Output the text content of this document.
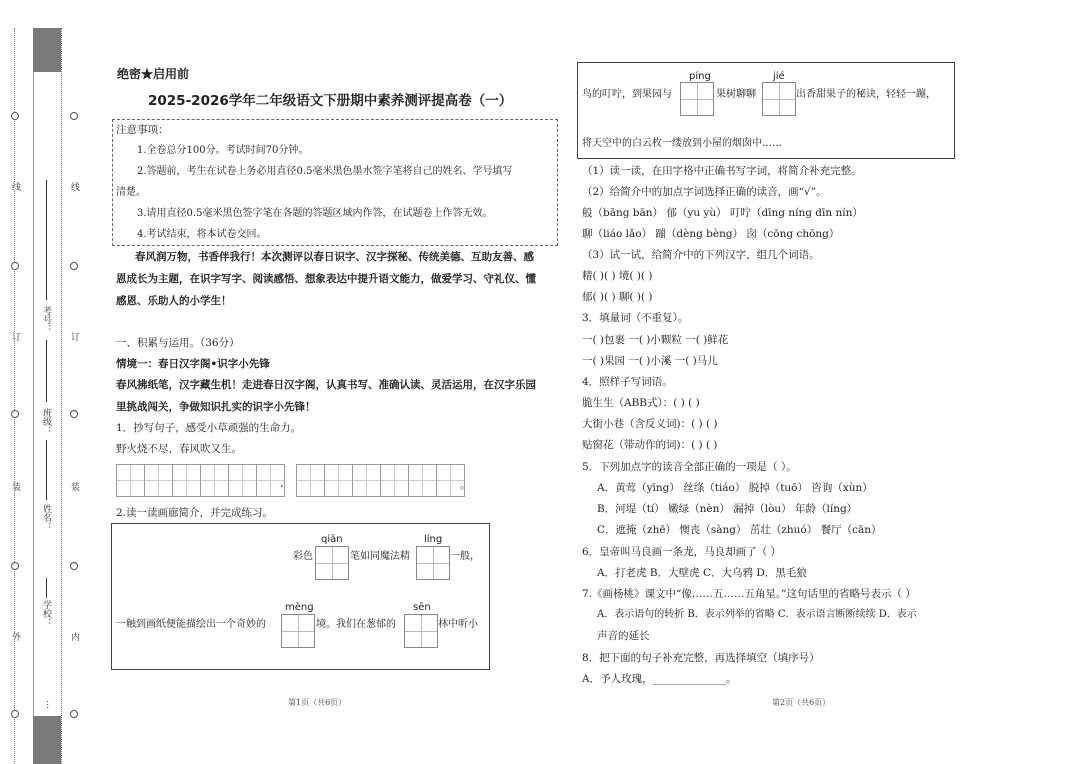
外
装
订
线
内
装
订
线
学校：
姓名：
班级：
考号：
…
绝密★启用前
2025-2026学年二年级语文下册期中素养测评提高卷（一）
注意事项：
1.全卷总分100分。考试时间70分钟。
2.答题前，考生在试卷上务必用直径0.5毫米黑色墨水签字笔将自己的姓名、学号填写
清楚。
3.请用直径0.5毫米黑色签字笔在各题的答题区域内作答，在试题卷上作答无效。
4.考试结束，将本试卷交回。
春风润万物，书香伴我行！本次测评以春日识字、汉字探秘、传统美德、互助友善、感
恩成长为主题，在识字写字、阅读感悟、想象表达中提升语文能力，做爱学习、守礼仪、懂
感恩、乐助人的小学生！
一、积累与运用。（36分）
情境一：春日汉字阁•识字小先锋
春风拂纸笔，汉字藏生机！走进春日汉字阁，认真书写、准确认读、灵活运用，在汉字乐园
里挑战闯关，争做知识扎实的识字小先锋！
1．抄写句子，感受小草顽强的生命力。
野火烧不尽，春风吹又生。
，	。
2.读一读画廊简介，并完成练习。
彩色
qiān
笔如同魔法精
líng
一般，
一触到画纸便能描绘出一个奇妙的
mèng
境。我们在葱郁的
sēn
林中听小
第1页（共6页）
鸟的叮咛，到果园与
píng
果树聊聊
jié
出香甜果子的秘诀，轻轻一蹦，
将天空中的白云枚一缕放到小屋的烟囱中……
（1）读一读，在田字格中正确书写字词，将简介补充完整。
（2）给简介中的加点字词选择正确的读音，画“√”。
般（bāng bān） 郁（yu yù） 叮咛（dīng níng dīn nín）
聊（liáo lǎo） 蹦（dèng bèng） 囱（cōng chōng）
（3）试一试，给简介中的下列汉字，组几个词语。
精( )( ) 境( )( )
郁( )( ) 聊( )( )
3．填量词（不重复）。
一( )包裹 一( )小颗粒 一( )鲜花
一( )果园 一( )小溪 一( )马儿
4．照样子写词语。
脆生生（ABB式）：( ) ( )
大街小巷（含反义词)：( ) ( )
贴窗花（带动作的词)：( ) ( )
5．下列加点字的读音全部正确的一项是（ ）。
A．黄莺（yīng） 丝绦（tiáo） 脱掉（tuō） 咨询（xùn）
B．河堤（tí） 嫩绿（nèn） 漏掉（lòu） 年龄（líng）
C．遮掩（zhē） 懊丧（sàng） 茁壮（zhuó） 餐厅（cān）
6．皇帝叫马良画一条龙，马良却画了（ ）
A．打老虎 B．大壁虎 C．大乌鸦 D．黑毛狼
7.《画杨桃》课文中“像……五……五角星。”这句话里的省略号表示（ ）
A．表示语句的转折 B．表示列举的省略 C．表示语言断断续续 D．表示
声音的延长
8．把下面的句子补充完整，再选择填空（填序号）
A．予人玫瑰，______________。
第2页（共6页）
